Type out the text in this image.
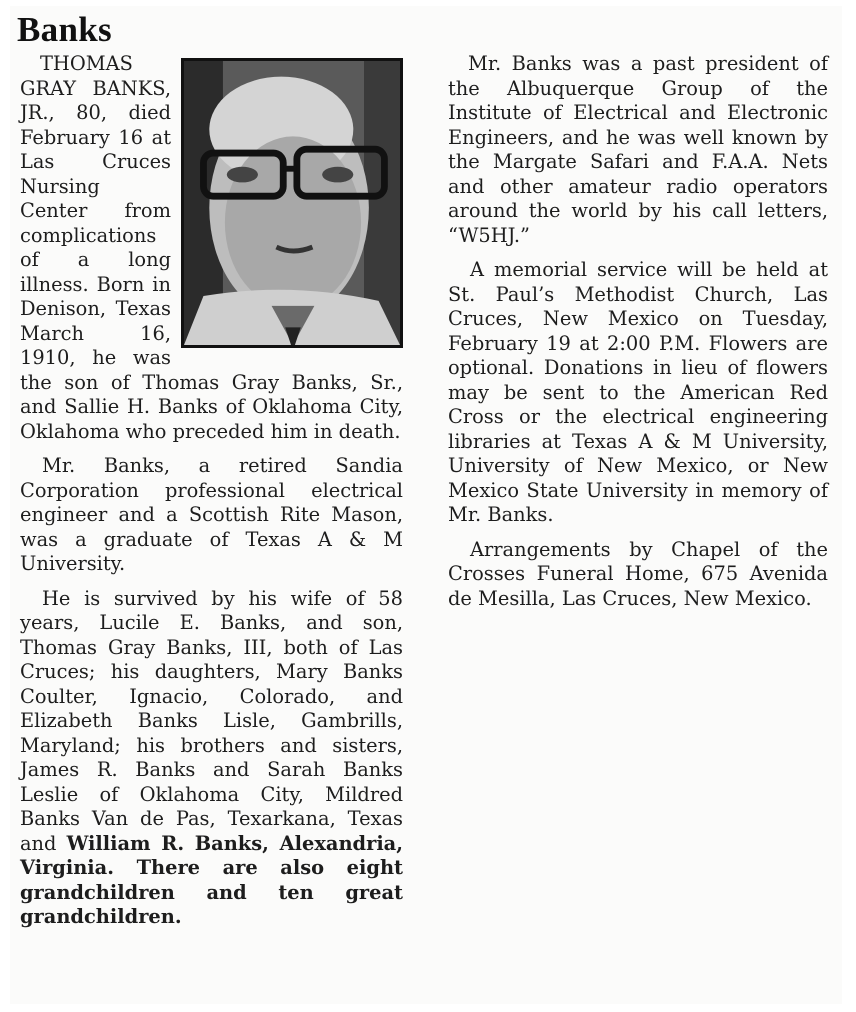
Banks

THOMAS GRAY BANKS, JR., 80, died February 16 at Las Cruces Nursing Center from complications of a long illness. Born in Denison, Texas March 16, 1910, he was the son of Thomas Gray Banks, Sr., and Sallie H. Banks of Oklahoma City, Oklahoma who preceded him in death.

Mr. Banks, a retired Sandia Corporation professional electrical engineer and a Scottish Rite Mason, was a graduate of Texas A & M University.

He is survived by his wife of 58 years, Lucile E. Banks, and son, Thomas Gray Banks, III, both of Las Cruces; his daughters, Mary Banks Coulter, Ignacio, Colorado, and Elizabeth Banks Lisle, Gambrills, Maryland; his brothers and sisters, James R. Banks and Sarah Banks Leslie of Oklahoma City, Mildred Banks Van de Pas, Texarkana, Texas and William R. Banks, Alexandria, Virginia. There are also eight grandchildren and ten great grandchildren.

Mr. Banks was a past president of the Albuquerque Group of the Institute of Electrical and Electronic Engineers, and he was well known by the Margate Safari and F.A.A. Nets and other amateur radio operators around the world by his call letters, “W5HJ.”

A memorial service will be held at St. Paul’s Methodist Church, Las Cruces, New Mexico on Tuesday, February 19 at 2:00 P.M. Flowers are optional. Donations in lieu of flowers may be sent to the American Red Cross or the electrical engineering libraries at Texas A & M University, University of New Mexico, or New Mexico State University in memory of Mr. Banks.

Arrangements by Chapel of the Crosses Funeral Home, 675 Avenida de Mesilla, Las Cruces, New Mexico.
